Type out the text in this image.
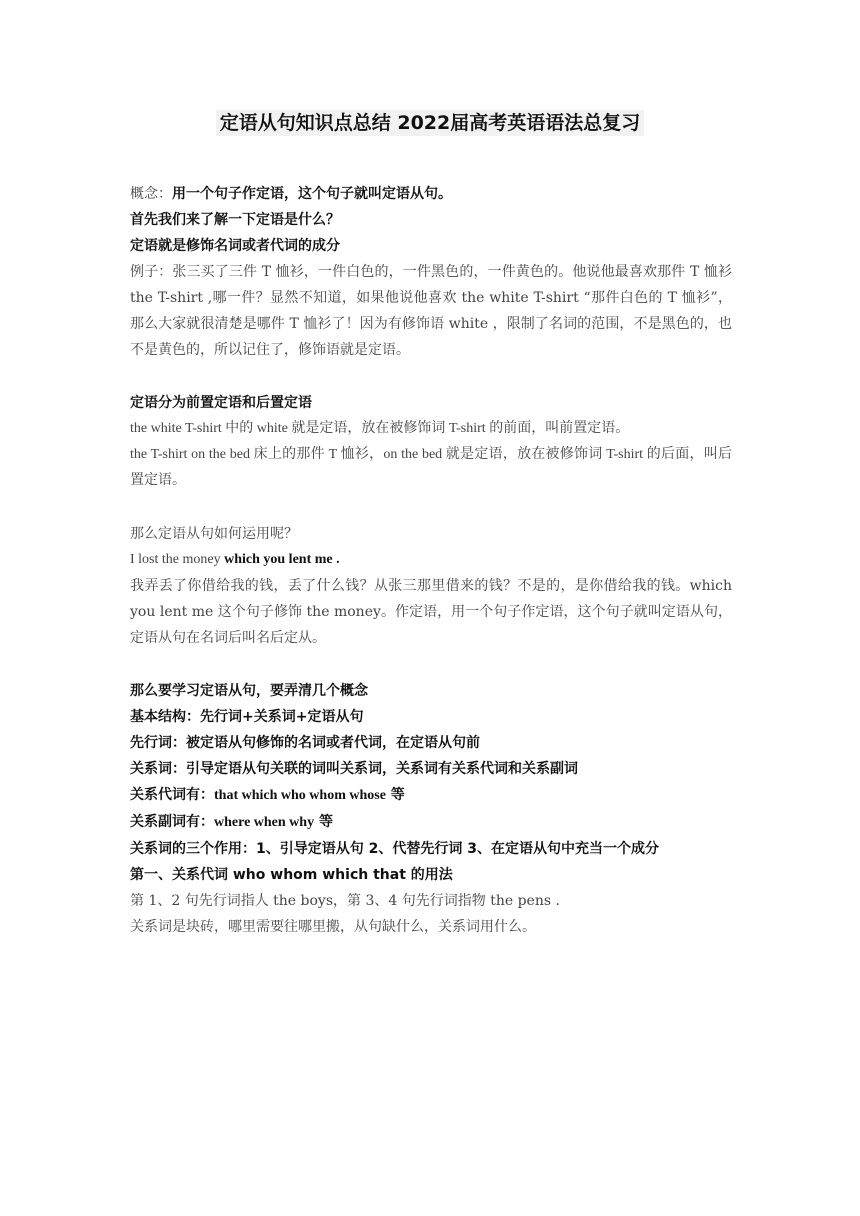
定语从句知识点总结 2022届高考英语语法总复习

概念：用一个句子作定语，这个句子就叫定语从句。

首先我们来了解一下定语是什么？

定语就是修饰名词或者代词的成分

例子：张三买了三件 T 恤衫，一件白色的，一件黑色的，一件黄色的。他说他最喜欢那件 T 恤衫 the T-shirt ,哪一件？显然不知道，如果他说他喜欢 the white T-shirt “那件白色的 T 恤衫”，那么大家就很清楚是哪件 T 恤衫了！因为有修饰语 white ，限制了名词的范围，不是黑色的，也不是黄色的，所以记住了，修饰语就是定语。

定语分为前置定语和后置定语

the white T-shirt 中的 white 就是定语，放在被修饰词 T-shirt 的前面，叫前置定语。

the T-shirt on the bed 床上的那件 T 恤衫，on the bed 就是定语，放在被修饰词 T-shirt 的后面，叫后置定语。

那么定语从句如何运用呢？

I lost the money which you lent me .

我弄丢了你借给我的钱，丢了什么钱？从张三那里借来的钱？不是的，是你借给我的钱。which you lent me 这个句子修饰 the money。作定语，用一个句子作定语，这个句子就叫定语从句，定语从句在名词后叫名后定从。

那么要学习定语从句，要弄清几个概念

基本结构：先行词+关系词+定语从句

先行词：被定语从句修饰的名词或者代词，在定语从句前

关系词：引导定语从句关联的词叫关系词，关系词有关系代词和关系副词

关系代词有：that which who whom whose 等

关系副词有：where when why 等

关系词的三个作用：1、引导定语从句 2、代替先行词 3、在定语从句中充当一个成分

第一、关系代词 who whom which that 的用法

第 1、2 句先行词指人 the boys，第 3、4 句先行词指物 the pens .

关系词是块砖，哪里需要往哪里搬，从句缺什么，关系词用什么。
